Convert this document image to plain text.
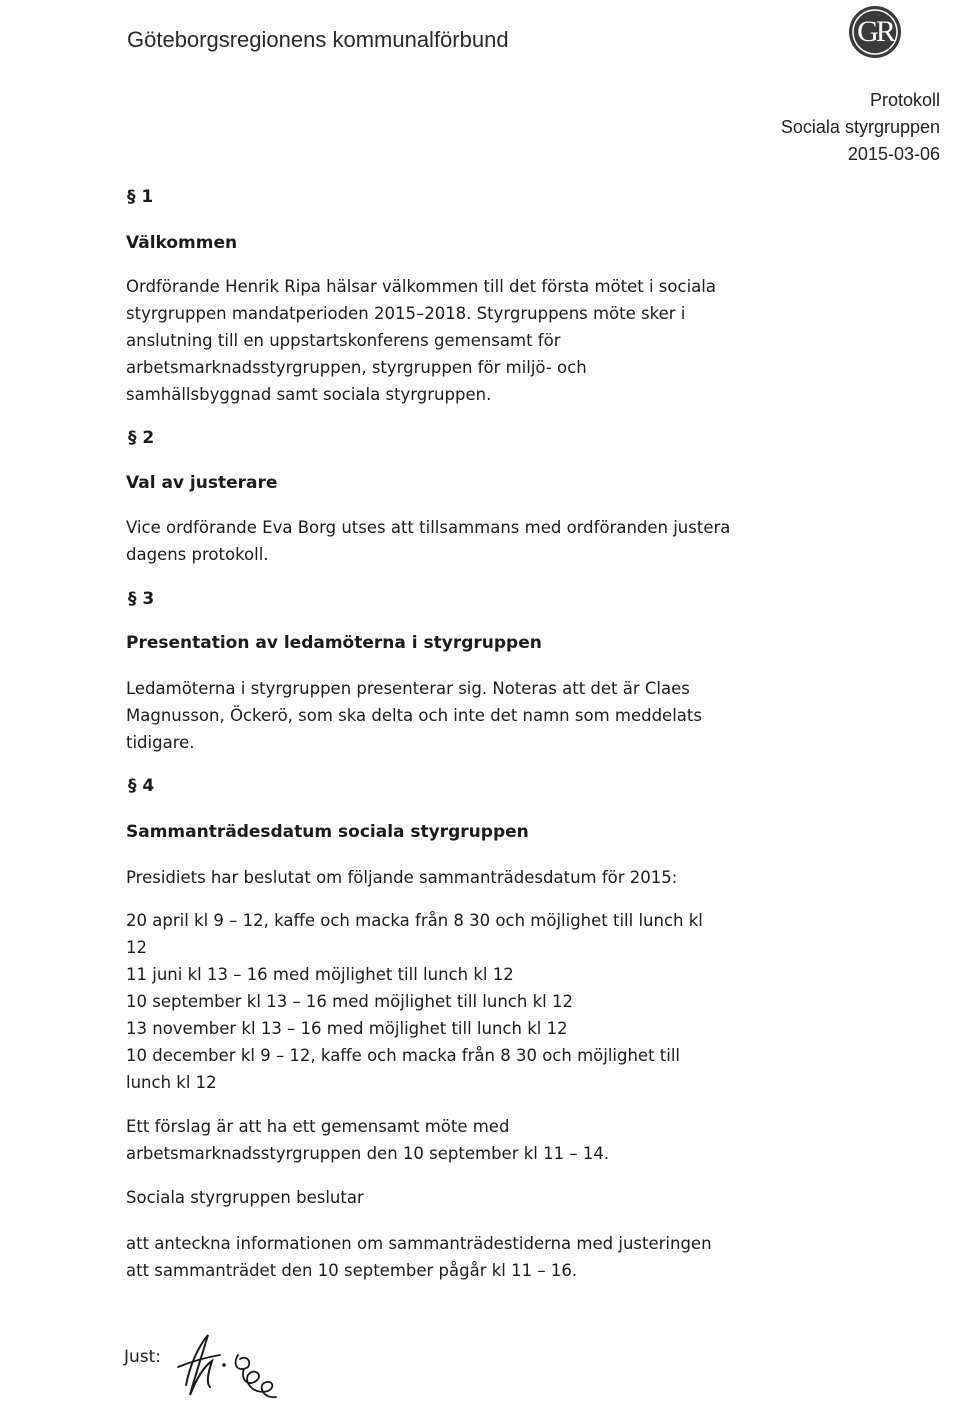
Göteborgsregionens kommunalförbund	GR
Protokoll
Sociala styrgruppen
2015-03-06
§ 1
Välkommen
Ordförande Henrik Ripa hälsar välkommen till det första mötet i sociala
styrgruppen mandatperioden 2015–2018. Styrgruppens möte sker i
anslutning till en uppstartskonferens gemensamt för
arbetsmarknadsstyrgruppen, styrgruppen för miljö- och
samhällsbyggnad samt sociala styrgruppen.
§ 2
Val av justerare
Vice ordförande Eva Borg utses att tillsammans med ordföranden justera
dagens protokoll.
§ 3
Presentation av ledamöterna i styrgruppen
Ledamöterna i styrgruppen presenterar sig. Noteras att det är Claes
Magnusson, Öckerö, som ska delta och inte det namn som meddelats
tidigare.
§ 4
Sammanträdesdatum sociala styrgruppen
Presidiets har beslutat om följande sammanträdesdatum för 2015:
20 april kl 9 – 12, kaffe och macka från 8 30 och möjlighet till lunch kl
12
11 juni kl 13 – 16 med möjlighet till lunch kl 12
10 september kl 13 – 16 med möjlighet till lunch kl 12
13 november kl 13 – 16 med möjlighet till lunch kl 12
10 december kl 9 – 12, kaffe och macka från 8 30 och möjlighet till
lunch kl 12
Ett förslag är att ha ett gemensamt möte med
arbetsmarknadsstyrgruppen den 10 september kl 11 – 14.
Sociala styrgruppen beslutar
att anteckna informationen om sammanträdestiderna med justeringen
att sammanträdet den 10 september pågår kl 11 – 16.
Just:
